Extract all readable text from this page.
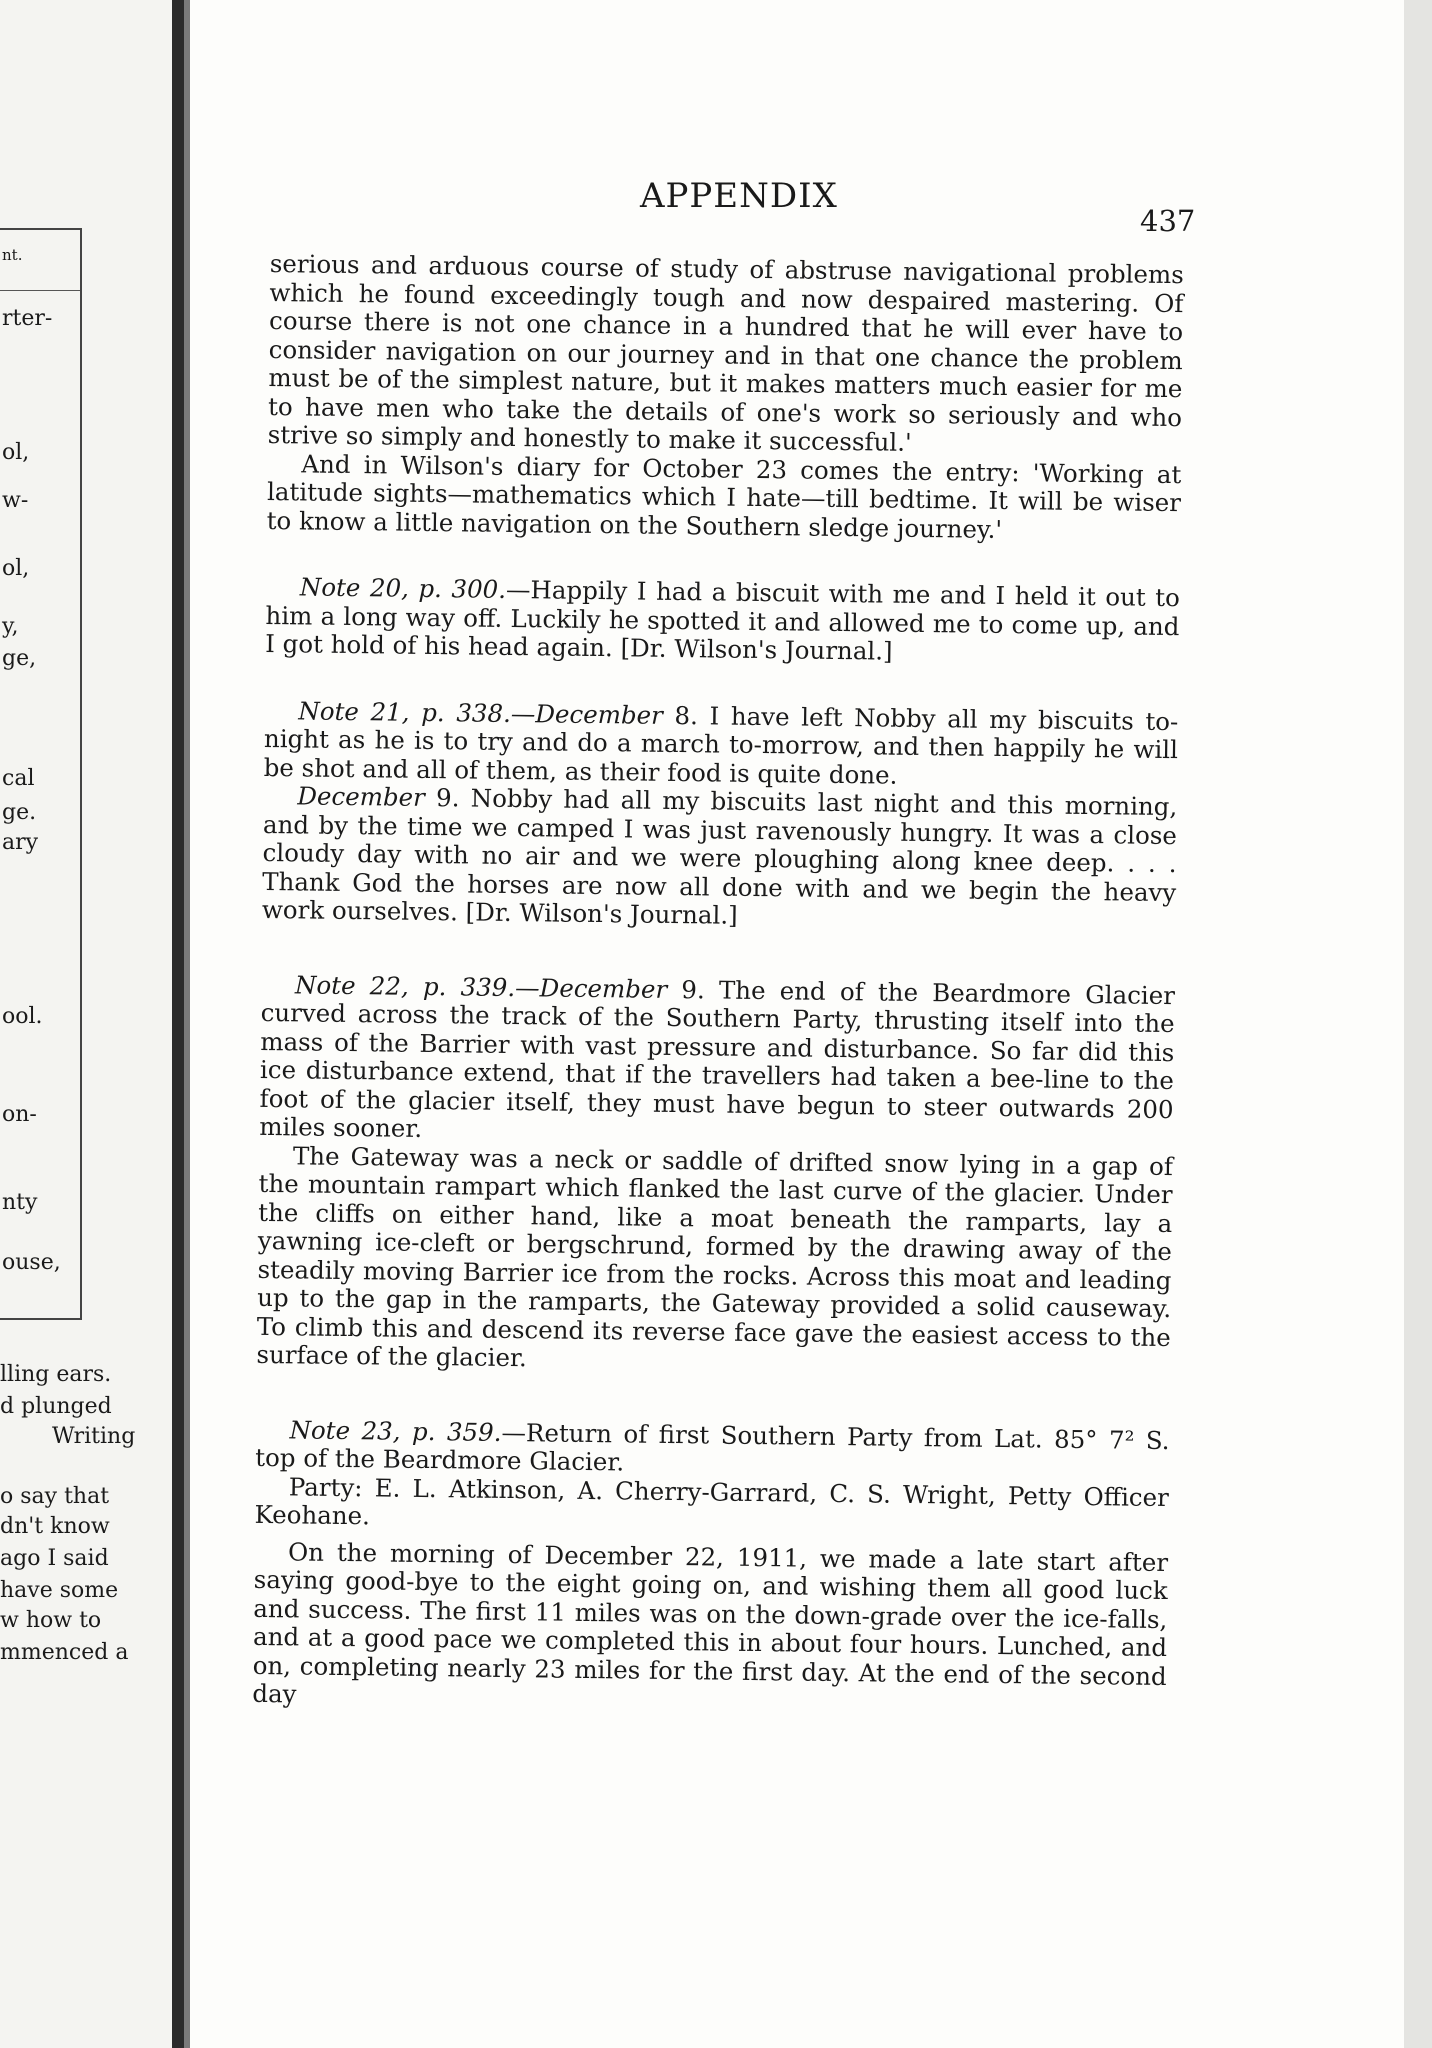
nt.
rter-
ol,
w-
ol,
y,
ge,
cal
ge.
ary
ool.
on-
nty
ouse,
lling ears.
d plunged
Writing
o say that
dn't know
ago I said
have some
w how to
mmenced a
APPENDIX
437

serious and arduous course of study of abstruse navigational problems which he found exceedingly tough and now despaired mastering. Of course there is not one chance in a hundred that he will ever have to consider navigation on our journey and in that one chance the problem must be of the simplest nature, but it makes matters much easier for me to have men who take the details of one's work so seriously and who strive so simply and honestly to make it successful.'

And in Wilson's diary for October 23 comes the entry: 'Working at latitude sights—mathematics which I hate—till bedtime. It will be wiser to know a little navigation on the Southern sledge journey.'

Note 20, p. 300.—Happily I had a biscuit with me and I held it out to him a long way off. Luckily he spotted it and allowed me to come up, and I got hold of his head again. [Dr. Wilson's Journal.]

Note 21, p. 338.—December 8. I have left Nobby all my biscuits to-night as he is to try and do a march to-morrow, and then happily he will be shot and all of them, as their food is quite done.

December 9. Nobby had all my biscuits last night and this morning, and by the time we camped I was just ravenously hungry. It was a close cloudy day with no air and we were ploughing along knee deep. . . . Thank God the horses are now all done with and we begin the heavy work ourselves. [Dr. Wilson's Journal.]

Note 22, p. 339.—December 9. The end of the Beardmore Glacier curved across the track of the Southern Party, thrusting itself into the mass of the Barrier with vast pressure and disturbance. So far did this ice disturbance extend, that if the travellers had taken a bee-line to the foot of the glacier itself, they must have begun to steer outwards 200 miles sooner.

The Gateway was a neck or saddle of drifted snow lying in a gap of the mountain rampart which flanked the last curve of the glacier. Under the cliffs on either hand, like a moat beneath the ramparts, lay a yawning ice-cleft or bergschrund, formed by the drawing away of the steadily moving Barrier ice from the rocks. Across this moat and leading up to the gap in the ramparts, the Gateway provided a solid causeway. To climb this and descend its reverse face gave the easiest access to the surface of the glacier.

Note 23, p. 359.—Return of first Southern Party from Lat. 85° 7² S. top of the Beardmore Glacier.

Party: E. L. Atkinson, A. Cherry-Garrard, C. S. Wright, Petty Officer Keohane.

On the morning of December 22, 1911, we made a late start after saying good-bye to the eight going on, and wishing them all good luck and success. The first 11 miles was on the down-grade over the ice-falls, and at a good pace we completed this in about four hours. Lunched, and on, completing nearly 23 miles for the first day. At the end of the second day
